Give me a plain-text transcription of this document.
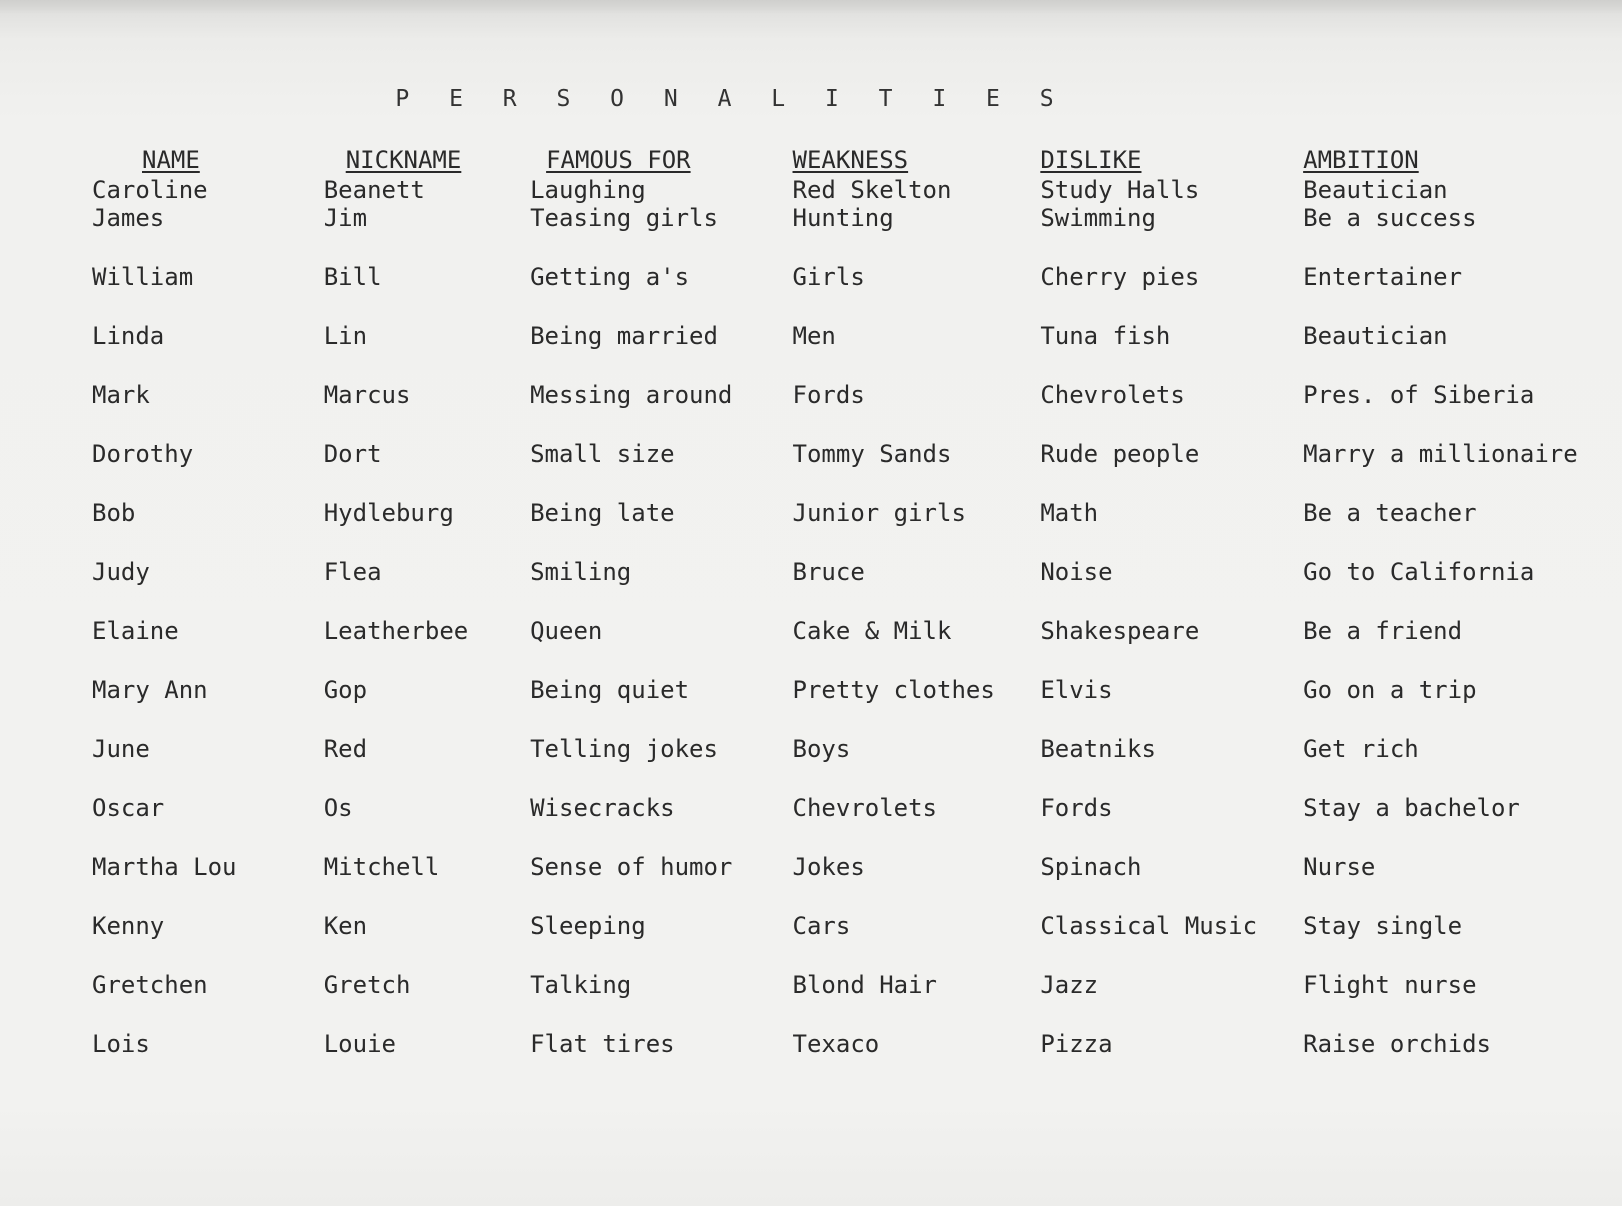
P E R S O N A L I T I E S
NAME	NICKNAME	FAMOUS FOR	WEAKNESS	DISLIKE	AMBITION
Caroline	Beanett	Laughing	Red Skelton	Study Halls	Beautician
James	Jim	Teasing girls	Hunting	Swimming	Be a success
William	Bill	Getting a's	Girls	Cherry pies	Entertainer
Linda	Lin	Being married	Men	Tuna fish	Beautician
Mark	Marcus	Messing around	Fords	Chevrolets	Pres. of Siberia
Dorothy	Dort	Small size	Tommy Sands	Rude people	Marry a millionaire
Bob	Hydleburg	Being late	Junior girls	Math	Be a teacher
Judy	Flea	Smiling	Bruce	Noise	Go to California
Elaine	Leatherbee	Queen	Cake & Milk	Shakespeare	Be a friend
Mary Ann	Gop	Being quiet	Pretty clothes	Elvis	Go on a trip
June	Red	Telling jokes	Boys	Beatniks	Get rich
Oscar	Os	Wisecracks	Chevrolets	Fords	Stay a bachelor
Martha Lou	Mitchell	Sense of humor	Jokes	Spinach	Nurse
Kenny	Ken	Sleeping	Cars	Classical Music	Stay single
Gretchen	Gretch	Talking	Blond Hair	Jazz	Flight nurse
Lois	Louie	Flat tires	Texaco	Pizza	Raise orchids
